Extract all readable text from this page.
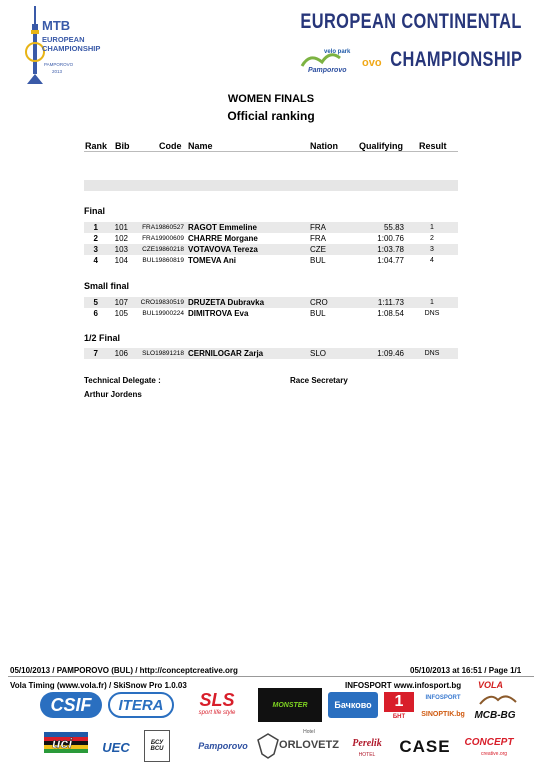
MTB
EUROPEAN
CHAMPIONSHIP
PAMPOROVO
2013
EUROPEAN CONTINENTAL
CHAMPIONSHIP
velo park
Pamporovo
ovo
WOMEN FINALS
Official ranking
Rank Bib	Code Name	Nation Qualifying Result
Final
1	101	FRA19860527 RAGOT Emmeline	FRA	55.83	1
2	102	FRA19900609 CHARRE Morgane	FRA	1:00.76	2
3	103	CZE19860218 VOTAVOVA Tereza	CZE	1:03.78	3
4	104	BUL19860819 TOMEVA Ani	BUL	1:04.77	4
Small final
5	107	CRO19830519 DRUZETA Dubravka	CRO	1:11.73	1
6	105	BUL19900224 DIMITROVA Eva	BUL	1:08.54	DNS
1/2 Final
7	106	SLO19891218 CERNILOGAR Zarja	SLO	1:09.46	DNS
Technical Delegate :	Race Secretary
Arthur Jordens
05/10/2013 / PAMPOROVO (BUL) / http://conceptcreative.org	05/10/2013 at 16:51 / Page 1/1
Vola Timing (www.vola.fr) / SkiSnow Pro 1.0.03	INFOSPORT www.infosport.bg VOLA
CSIF	ITERA	SLS
sport life style
MONSTER	Бачково	1
БНТ
INFOSPORT
SINOPTIK.bg MCB-BG
uci	UEC	БСУ
BCU	Pamporovo
Hotel
ORLOVETZ	Perelik
HOTEL	CASE	CONCEPT
creative.org
